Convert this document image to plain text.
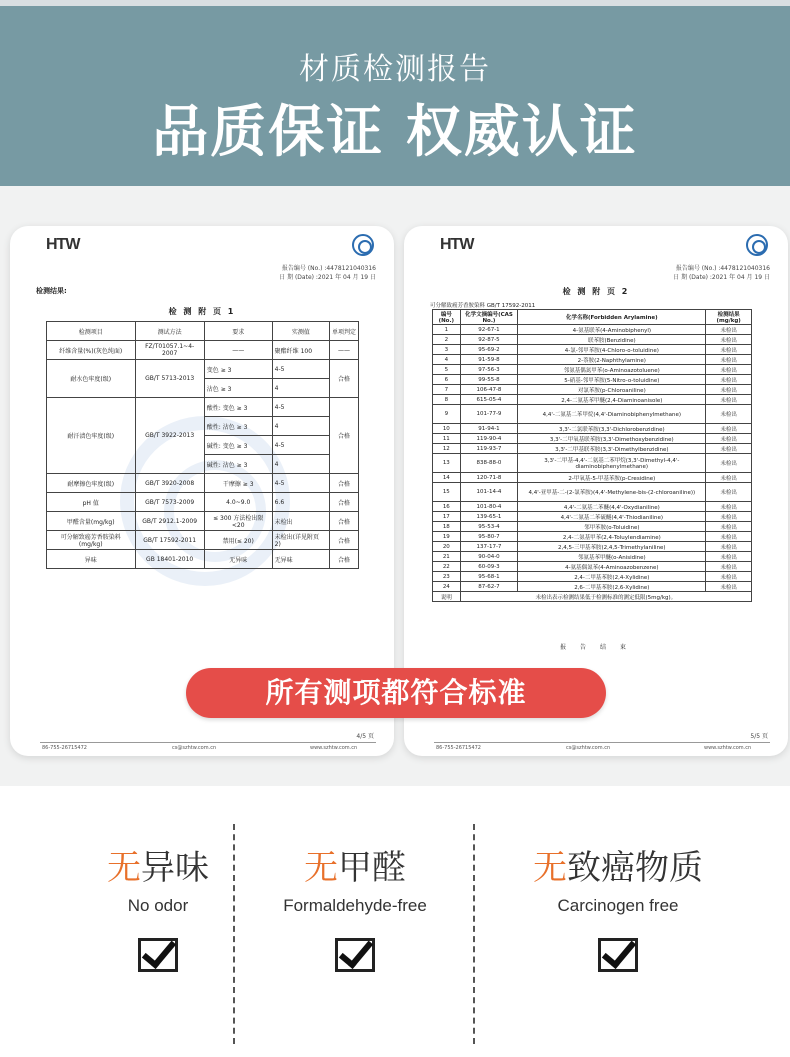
材质检测报告
品质保证 权威认证
HTW
报告编号 (No.) :4478121040316
日 期 (Date) :2021 年 04 月 19 日
检测结果:
检 测 附 页 1
检测项目	测试方法	要求	实测值	单项判定
纤维含量(%)(灰色纯面)	FZ/T01057.1~4-2007	——	聚酯纤维 100	——
耐水色牢度(级)	GB/T 5713-2013	变色 ≥ 3	4-5	合格
		沾色 ≥ 3	4	
耐汗渍色牢度(级)	GB/T 3922-2013	酸性: 变色 ≥ 3	4-5	合格
		酸性: 沾色 ≥ 3	4	
		碱性: 变色 ≥ 3	4-5	
		碱性: 沾色 ≥ 3	4	
耐摩擦色牢度(级)	GB/T 3920-2008	干摩擦 ≥ 3	4-5	合格
pH 值	GB/T 7573-2009	4.0~9.0	6.6	合格
甲醛含量(mg/kg)	GB/T 2912.1-2009	≤ 300 方法检出限<20	未检出	合格
可分解致癌芳香胺染料(mg/kg)	GB/T 17592-2011	禁用(≤ 20)	未检出(详见附页 2)	合格
异味	GB 18401-2010	无异味	无异味	合格
4/5 页
86-755-26715472	cs@szhtw.com.cn	www.szhtw.com.cn
HTW
报告编号 (No.) :4478121040316
日 期 (Date) :2021 年 04 月 19 日
检 测 附 页 2
可分解致癌芳香胺染料 GB/T 17592-2011
编号(No.)	化学文摘编号(CAS No.)	化学名称(Forbidden Arylamine)	检测结果(mg/kg)
1	92-67-1	4-氨基联苯(4-Aminobiphenyl)	未检出
2	92-87-5	联苯胺(Benzidine)	未检出
3	95-69-2	4-氯-邻甲苯胺(4-Chloro-o-toluidine)	未检出
4	91-59-8	2-萘胺(2-Naphthylamine)	未检出
5	97-56-3	邻氨基偶氮甲苯(o-Aminoazotoluene)	未检出
6	99-55-8	5-硝基-邻甲苯胺(5-Nitro-o-toluidine)	未检出
7	106-47-8	对氯苯胺(p-Chloroaniline)	未检出
8	615-05-4	2,4-二氨基苯甲醚(2,4-Diaminoanisole)	未检出
9	101-77-9	4,4'-二氨基二苯甲烷(4,4'-Diaminobiphenylmethane)	未检出
10	91-94-1	3,3'-二氯联苯胺(3,3'-Dichlorobenzidine)	未检出
11	119-90-4	3,3'-二甲氧基联苯胺(3,3'-Dimethoxybenzidine)	未检出
12	119-93-7	3,3'-二甲基联苯胺(3,3'-Dimethylbenzidine)	未检出
13	838-88-0	3,3'-二甲基-4,4'-二氨基二苯甲烷(3,3'-Dimethyl-4,4'-diaminobiphenylmethane)	未检出
14	120-71-8	2-甲氧基-5-甲基苯胺(p-Cresidine)	未检出
15	101-14-4	4,4'-亚甲基-二-(2-氯苯胺)(4,4'-Methylene-bis-(2-chloroaniline))	未检出
16	101-80-4	4,4'-二氨基二苯醚(4,4'-Oxydianiline)	未检出
17	139-65-1	4,4'-二氨基二苯硫醚(4,4'-Thiodianiline)	未检出
18	95-53-4	邻甲苯胺(o-Toluidine)	未检出
19	95-80-7	2,4-二氨基甲苯(2,4-Toluylendiamine)	未检出
20	137-17-7	2,4,5-三甲基苯胺(2,4,5-Trimethylaniline)	未检出
21	90-04-0	邻氨基苯甲醚(o-Anisidine)	未检出
22	60-09-3	4-氨基偶氮苯(4-Aminoazobenzene)	未检出
23	95-68-1	2,4-二甲基苯胺(2,4-Xylidine)	未检出
24	87-62-7	2,6-二甲基苯胺(2,6-Xylidine)	未检出
说明	未检出表示检测结果低于检测标准的测定低限(5mg/kg)。		
报 告 结 束
5/5 页
86-755-26715472	cs@szhtw.com.cn	www.szhtw.com.cn
所有测项都符合标准
无异味
No odor
无甲醛
Formaldehyde-free
无致癌物质
Carcinogen free
